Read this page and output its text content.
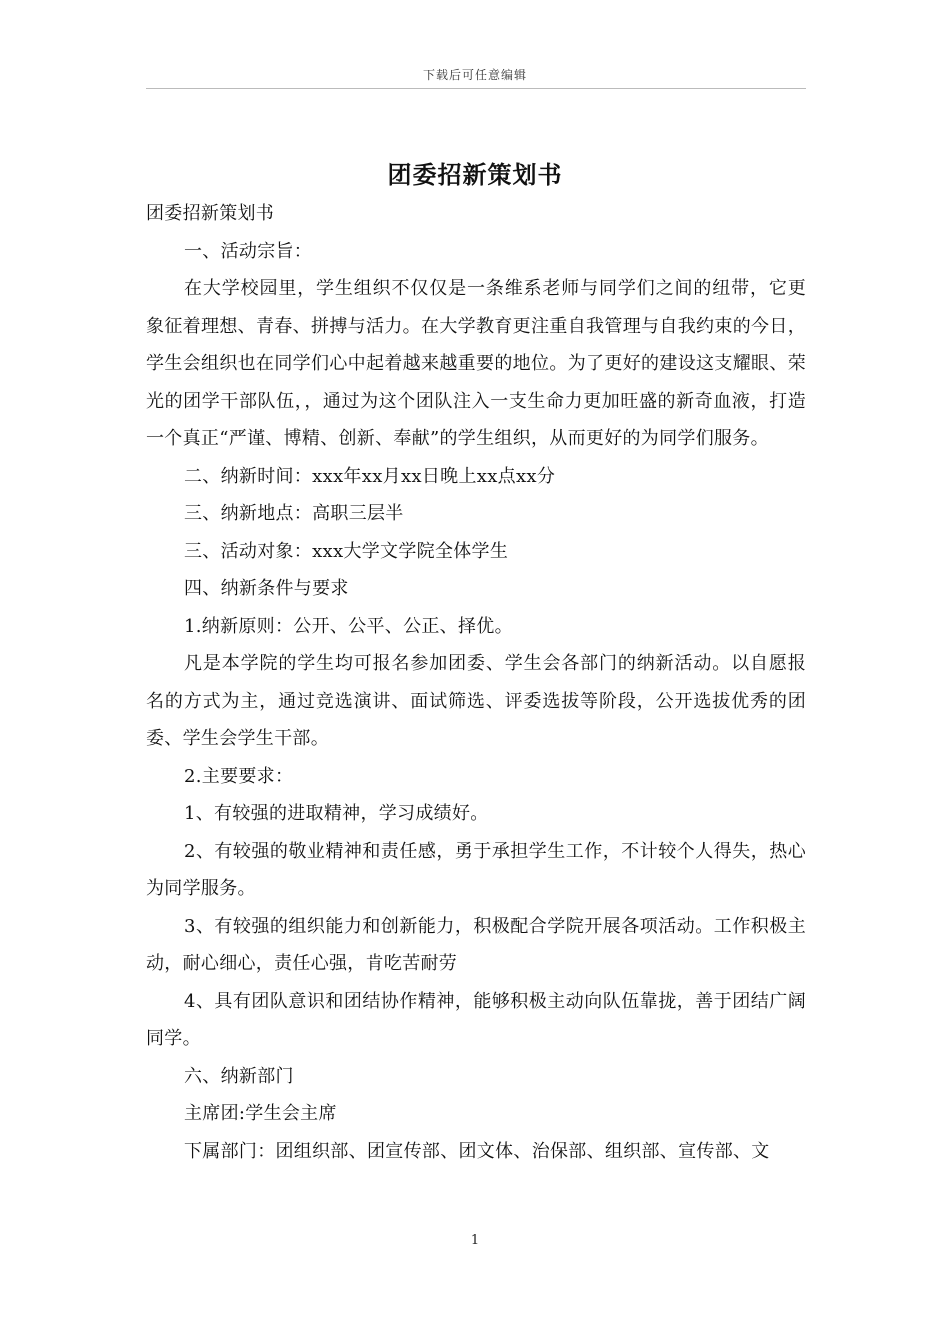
下载后可任意编辑
团委招新策划书

团委招新策划书

一、活动宗旨：

在大学校园里，学生组织不仅仅是一条维系老师与同学们之间的纽带，它更象征着理想、青春、拼搏与活力。在大学教育更注重自我管理与自我约束的今日，学生会组织也在同学们心中起着越来越重要的地位。为了更好的建设这支耀眼、荣光的团学干部队伍，，通过为这个团队注入一支生命力更加旺盛的新奇血液，打造一个真正“严谨、博精、创新、奉献”的学生组织，从而更好的为同学们服务。

二、纳新时间：xxx年xx月xx日晚上xx点xx分

三、纳新地点：高职三层半

三、活动对象：xxx大学文学院全体学生

四、纳新条件与要求

1.纳新原则：公开、公平、公正、择优。

凡是本学院的学生均可报名参加团委、学生会各部门的纳新活动。以自愿报名的方式为主，通过竞选演讲、面试筛选、评委选拔等阶段，公开选拔优秀的团委、学生会学生干部。

2.主要要求：

1、有较强的进取精神，学习成绩好。

2、有较强的敬业精神和责任感，勇于承担学生工作，不计较个人得失，热心为同学服务。

3、有较强的组织能力和创新能力，积极配合学院开展各项活动。工作积极主动，耐心细心，责任心强，肯吃苦耐劳

4、具有团队意识和团结协作精神，能够积极主动向队伍靠拢，善于团结广阔同学。

六、纳新部门

主席团:学生会主席

下属部门：团组织部、团宣传部、团文体、治保部、组织部、宣传部、文

1
